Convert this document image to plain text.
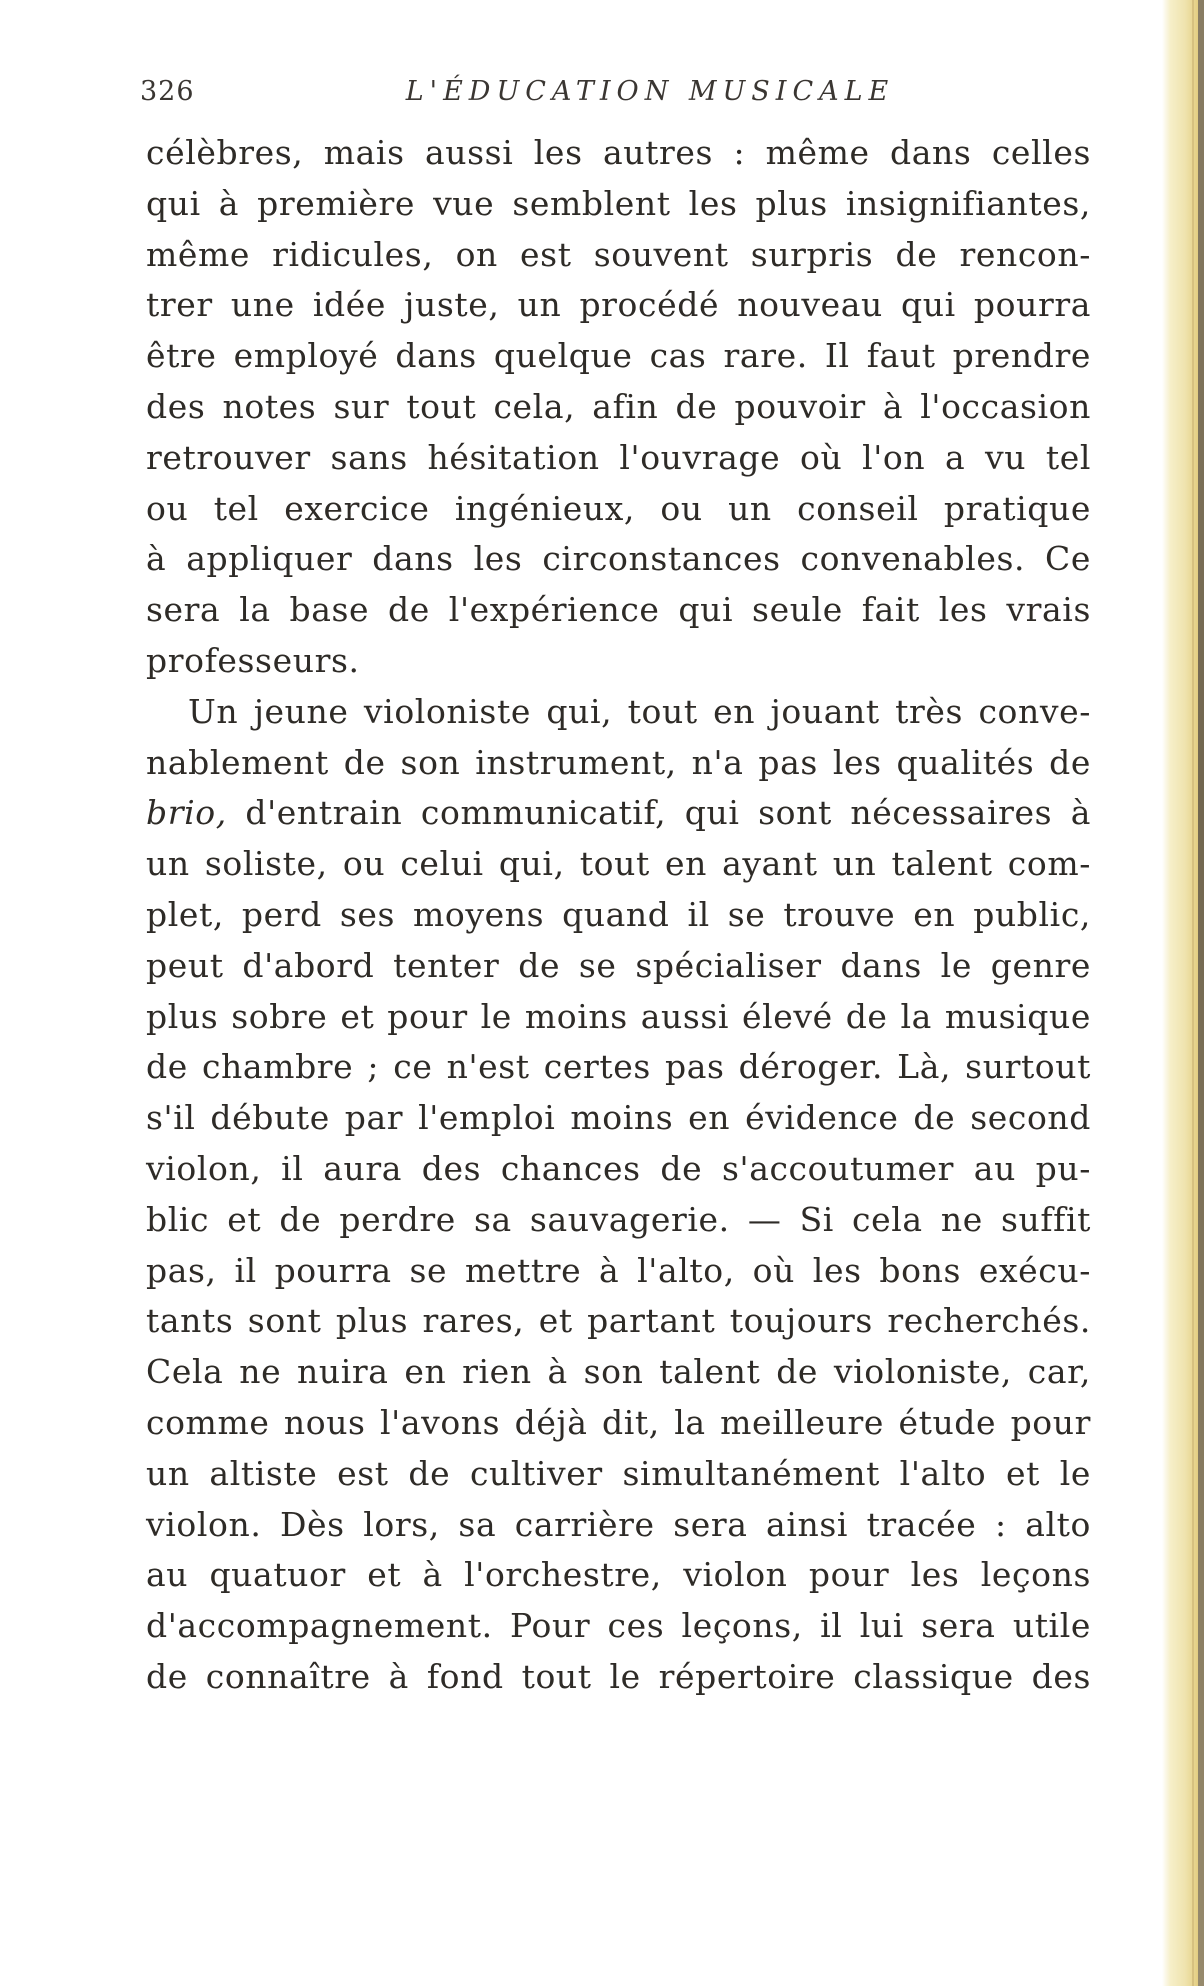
326	L'ÉDUCATION MUSICALE
célèbres, mais aussi les autres : même dans celles
qui à première vue semblent les plus insignifiantes,
même ridicules, on est souvent surpris de rencon-
trer une idée juste, un procédé nouveau qui pourra
être employé dans quelque cas rare. Il faut prendre
des notes sur tout cela, afin de pouvoir à l'occasion
retrouver sans hésitation l'ouvrage où l'on a vu tel
ou tel exercice ingénieux, ou un conseil pratique
à appliquer dans les circonstances convenables. Ce
sera la base de l'expérience qui seule fait les vrais
professeurs.
Un jeune violoniste qui, tout en jouant très conve-
nablement de son instrument, n'a pas les qualités de
brio, d'entrain communicatif, qui sont nécessaires à
un soliste, ou celui qui, tout en ayant un talent com-
plet, perd ses moyens quand il se trouve en public,
peut d'abord tenter de se spécialiser dans le genre
plus sobre et pour le moins aussi élevé de la musique
de chambre ; ce n'est certes pas déroger. Là, surtout
s'il débute par l'emploi moins en évidence de second
violon, il aura des chances de s'accoutumer au pu-
blic et de perdre sa sauvagerie. — Si cela ne suffit
pas, il pourra se mettre à l'alto, où les bons exécu-
tants sont plus rares, et partant toujours recherchés.
Cela ne nuira en rien à son talent de violoniste, car,
comme nous l'avons déjà dit, la meilleure étude pour
un altiste est de cultiver simultanément l'alto et le
violon. Dès lors, sa carrière sera ainsi tracée : alto
au quatuor et à l'orchestre, violon pour les leçons
d'accompagnement. Pour ces leçons, il lui sera utile
de connaître à fond tout le répertoire classique des
